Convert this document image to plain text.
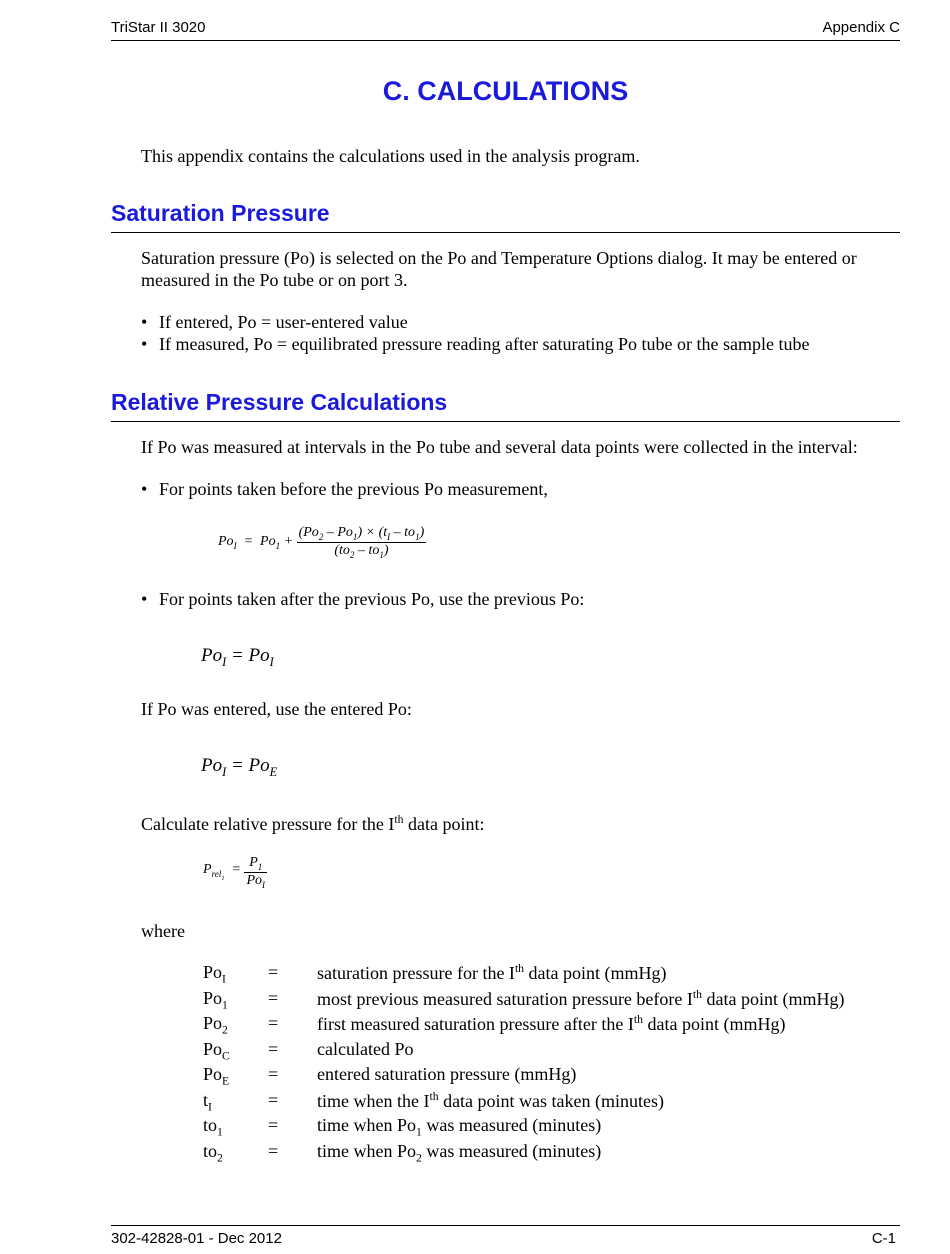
TriStar II 3020	Appendix C
C. CALCULATIONS
This appendix contains the calculations used in the analysis program.
Saturation Pressure
Saturation pressure (Po) is selected on the Po and Temperature Options dialog. It may be entered or
measured in the Po tube or on port 3.
• If entered, Po = user-entered value
• If measured, Po = equilibrated pressure reading after saturating Po tube or the sample tube
Relative Pressure Calculations
If Po was measured at intervals in the Po tube and several data points were collected in the interval:
• For points taken before the previous Po measurement,
$Po_I = Po_1 + \frac{(Po_2 - Po_1) \times (t_I - to_1)}{(to_2 - to_1)}$
• For points taken after the previous Po, use the previous Po:
$Po_I = Po_I$
If Po was entered, use the entered Po:
$Po_I = Po_E$
Calculate relative pressure for the Ith data point:
$P_{rel_1} = \frac{P_1}{Po_I}$
where
$Po_I$ = saturation pressure for the Ith data point (mmHg)
$Po_1$ = most previous measured saturation pressure before Ith data point (mmHg)
$Po_2$ = first measured saturation pressure after the Ith data point (mmHg)
$Po_C$ = calculated Po
$Po_E$ = entered saturation pressure (mmHg)
$t_I$	= time when the Ith data point was taken (minutes)
$to_1$	= time when $Po_1$ was measured (minutes)
$to_2$	= time when $Po_2$ was measured (minutes)
302-42828-01 - Dec 2012	C-1
